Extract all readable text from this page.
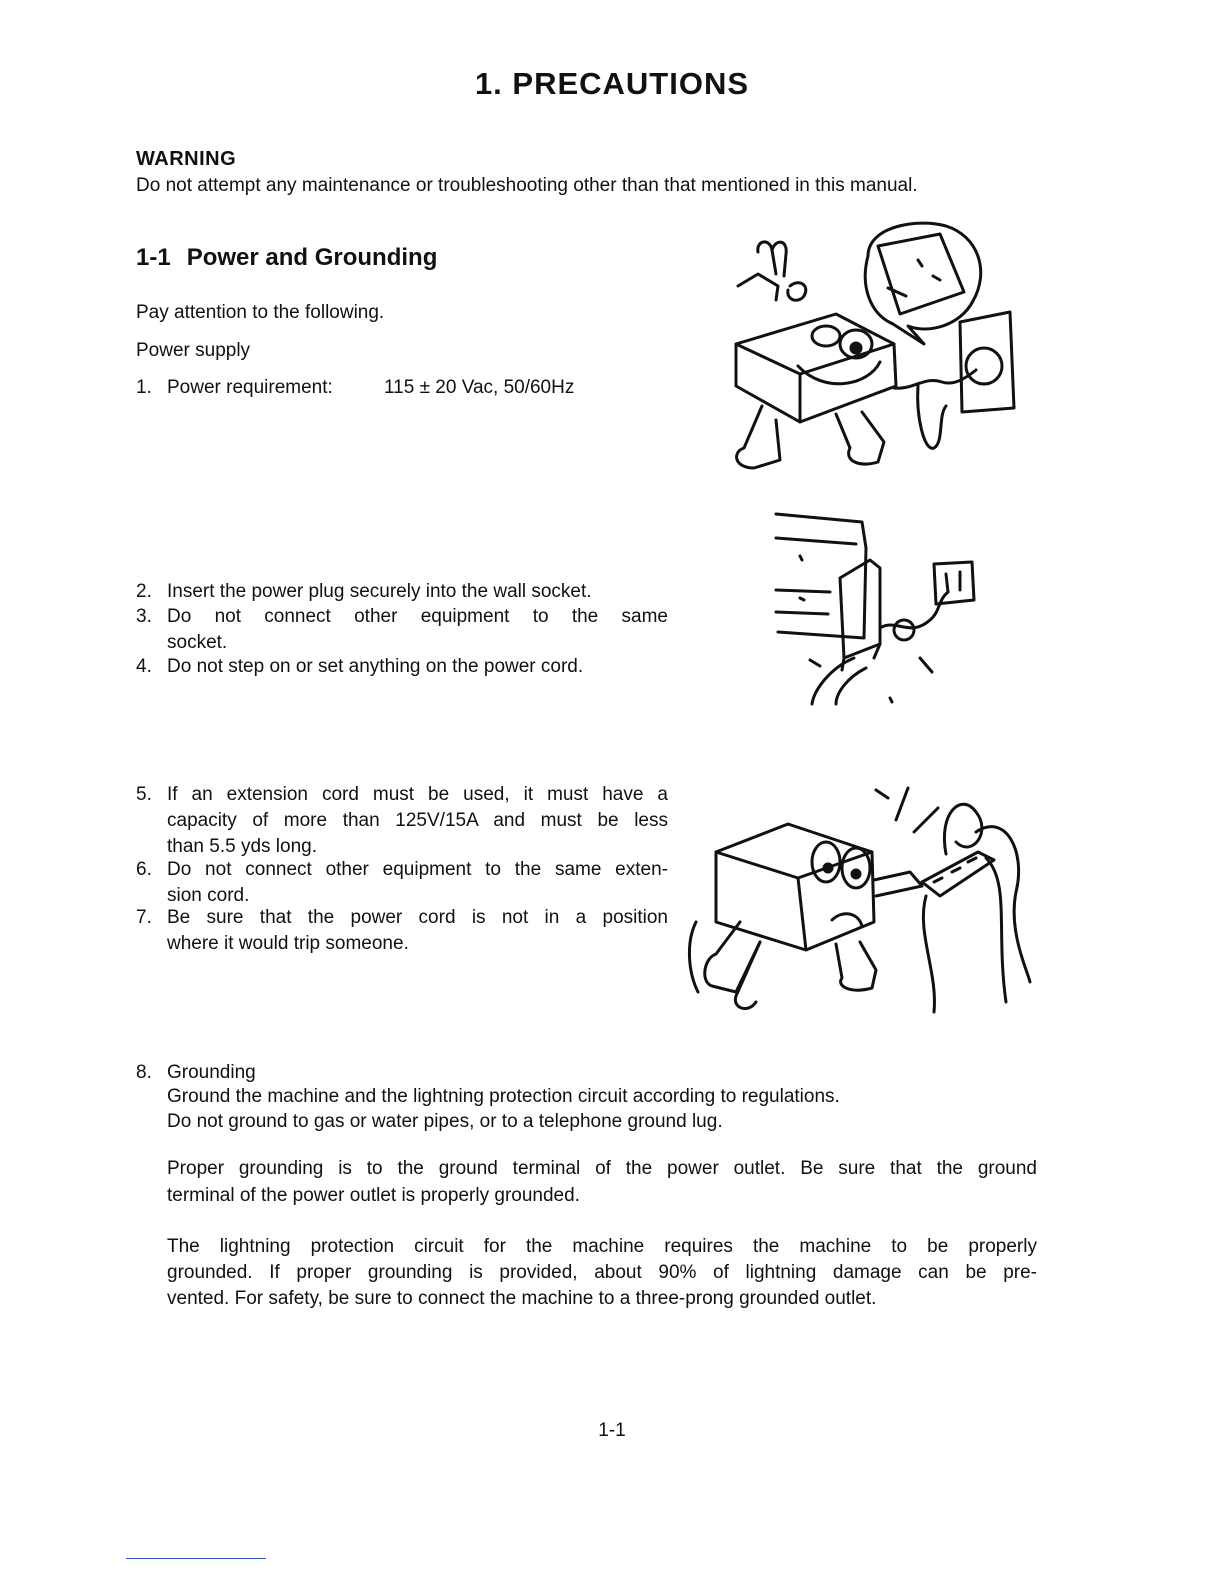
1. PRECAUTIONS
WARNING
Do not attempt any maintenance or troubleshooting other than that mentioned in this manual.
1-1 Power and Grounding
Pay attention to the following.
Power supply
1. Power requirement:	115 ± 20 Vac, 50/60Hz
2. Insert the power plug securely into the wall socket.
3. Do not connect other equipment to the same
socket.
4. Do not step on or set anything on the power cord.
5. If an extension cord must be used, it must have a
capacity of more than 125V/15A and must be less
than 5.5 yds long.
6. Do not connect other equipment to the same exten-
sion cord.
7. Be sure that the power cord is not in a position
where it would trip someone.
8. Grounding
Ground the machine and the lightning protection circuit according to regulations.
Do not ground to gas or water pipes, or to a telephone ground lug.
Proper grounding is to the ground terminal of the power outlet. Be sure that the ground
terminal of the power outlet is properly grounded.
The lightning protection circuit for the machine requires the machine to be properly
grounded. If proper grounding is provided, about 90% of lightning damage can be pre-
vented. For safety, be sure to connect the machine to a three-prong grounded outlet.
1-1
